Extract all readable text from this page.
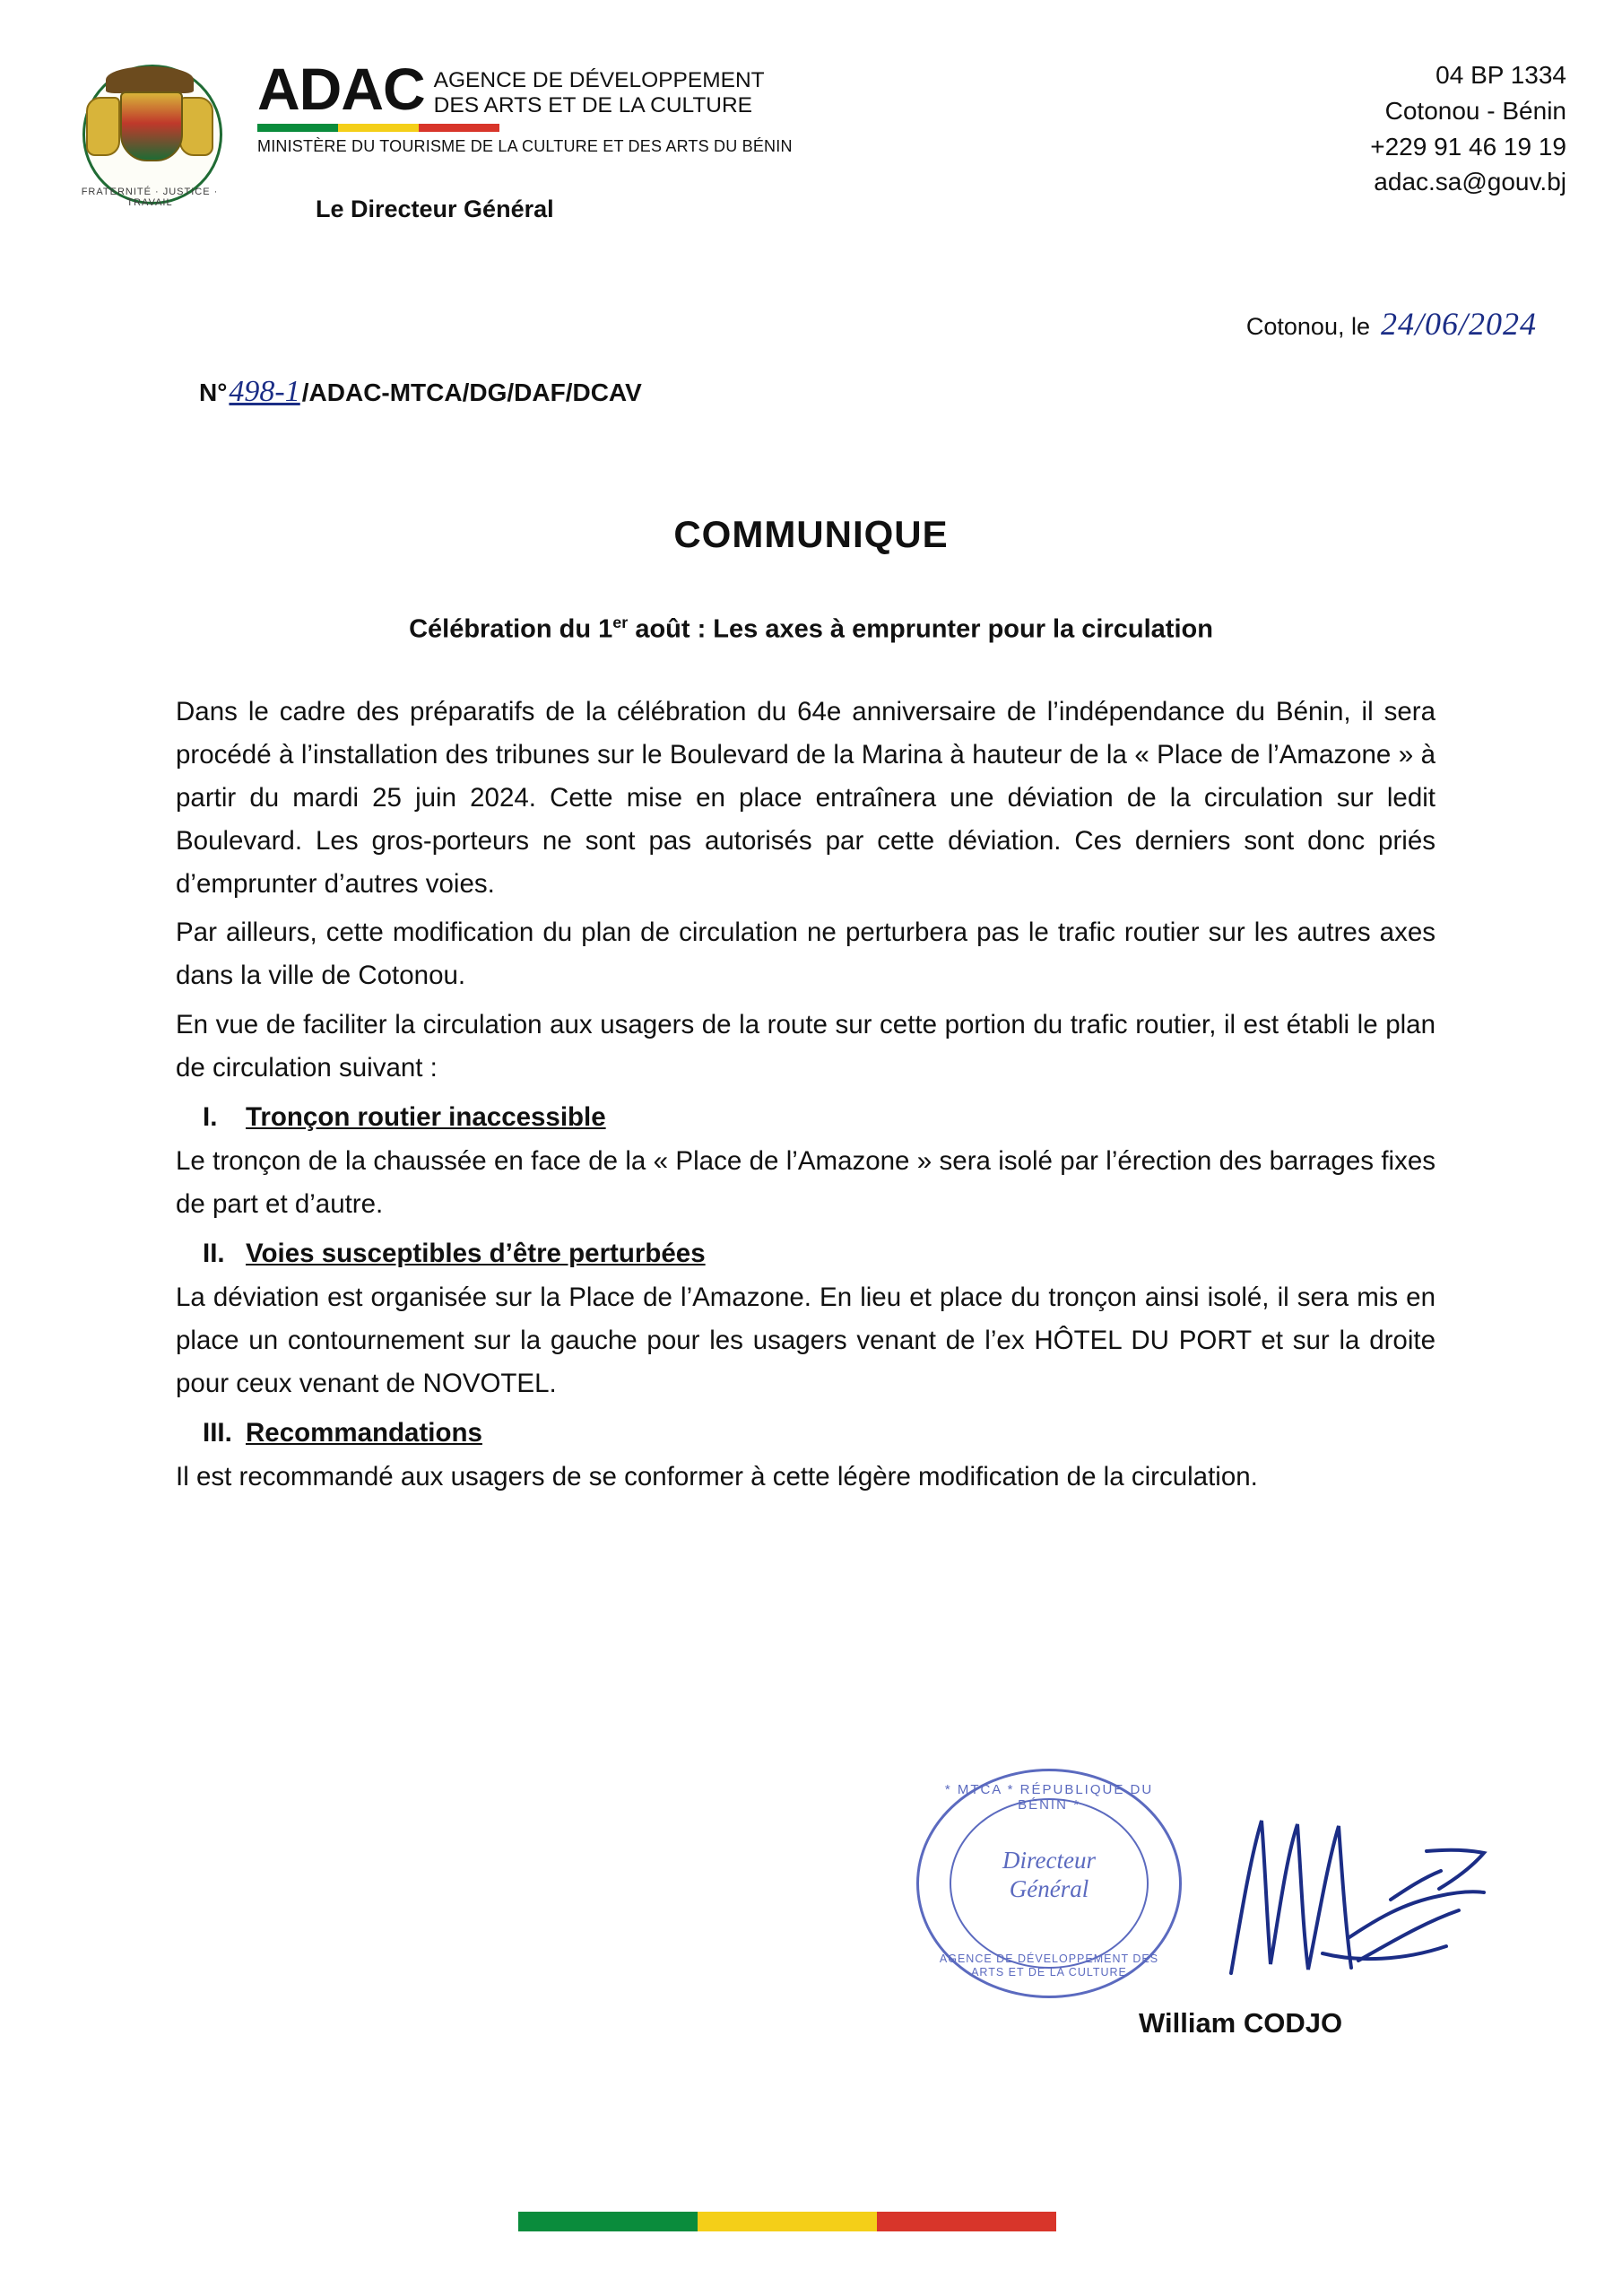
FRATERNITÉ · JUSTICE · TRAVAIL
ADAC AGENCE DE DÉVELOPPEMENT
DES ARTS ET DE LA CULTURE
MINISTÈRE DU TOURISME DE LA CULTURE ET DES ARTS DU BÉNIN
Le Directeur Général
04 BP 1334
Cotonou - Bénin
+229 91 46 19 19
adac.sa@gouv.bj
Cotonou, le 24/06/2024
N°498-1/ADAC-MTCA/DG/DAF/DCAV
COMMUNIQUE
Célébration du 1er août : Les axes à emprunter pour la circulation

Dans le cadre des préparatifs de la célébration du 64e anniversaire de l’indépendance du Bénin, il sera procédé à l’installation des tribunes sur le Boulevard de la Marina à hauteur de la « Place de l’Amazone » à partir du mardi 25 juin 2024. Cette mise en place entraînera une déviation de la circulation sur ledit Boulevard. Les gros-porteurs ne sont pas autorisés par cette déviation. Ces derniers sont donc priés d’emprunter d’autres voies.

Par ailleurs, cette modification du plan de circulation ne perturbera pas le trafic routier sur les autres axes dans la ville de Cotonou.

En vue de faciliter la circulation aux usagers de la route sur cette portion du trafic routier, il est établi le plan de circulation suivant :

I.	Tronçon routier inaccessible

Le tronçon de la chaussée en face de la « Place de l’Amazone » sera isolé par l’érection des barrages fixes de part et d’autre.

II. Voies susceptibles d’être perturbées

La déviation est organisée sur la Place de l’Amazone. En lieu et place du tronçon ainsi isolé, il sera mis en place un contournement sur la gauche pour les usagers venant de l’ex HÔTEL DU PORT et sur la droite pour ceux venant de NOVOTEL.

III. Recommandations

Il est recommandé aux usagers de se conformer à cette légère modification de la circulation.

* MTCA * RÉPUBLIQUE DU BÉNIN *
Directeur
Général
AGENCE DE DÉVELOPPEMENT DES ARTS ET DE LA CULTURE
William CODJO
